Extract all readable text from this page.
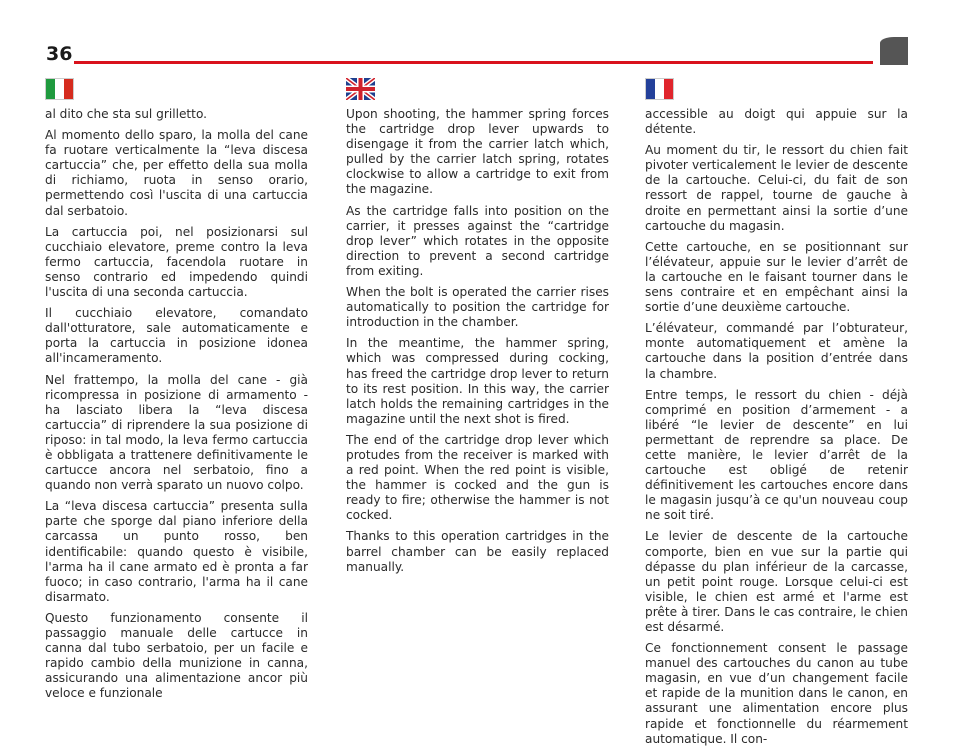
36

al dito che sta sul grilletto.

Al momento dello sparo, la molla del cane fa ruotare verticalmente la “leva discesa cartuccia” che, per effetto della sua molla di richiamo, ruota in senso orario, permettendo così l'uscita di una cartuccia dal serbatoio.

La cartuccia poi, nel posizionarsi sul cucchiaio elevatore, preme contro la leva fermo cartuccia, facendola ruotare in senso contrario ed impedendo quindi l'uscita di una seconda cartuccia.

Il cucchiaio elevatore, comandato dall'otturatore, sale automaticamente e porta la cartuccia in posizione idonea all'incameramento.

Nel frattempo, la molla del cane - già ricompressa in posizione di armamento - ha lasciato libera la “leva discesa cartuccia” di riprendere la sua posizione di riposo: in tal modo, la leva fermo cartuccia è obbligata a trattenere definitivamente le cartucce ancora nel serbatoio, fino a quando non verrà sparato un nuovo colpo.

La “leva discesa cartuccia” presenta sulla parte che sporge dal piano inferiore della carcassa un punto rosso, ben identificabile: quando questo è visibile, l'arma ha il cane armato ed è pronta a far fuoco; in caso contrario, l'arma ha il cane disarmato.

Questo funzionamento consente il passaggio manuale delle cartucce in canna dal tubo serbatoio, per un facile e rapido cambio della munizione in canna, assicurando una alimentazione ancor più veloce e funzionale

Upon shooting, the hammer spring forces the cartridge drop lever upwards to disengage it from the carrier latch which, pulled by the carrier latch spring, rotates clockwise to allow a cartridge to exit from the magazine.

As the cartridge falls into position on the carrier, it presses against the “cartridge drop lever” which rotates in the opposite direction to prevent a second cartridge from exiting.

When the bolt is operated the carrier rises automatically to position the cartridge for introduction in the chamber.

In the meantime, the hammer spring, which was compressed during cocking, has freed the cartridge drop lever to return to its rest position. In this way, the carrier latch holds the remaining cartridges in the magazine until the next shot is fired.

The end of the cartridge drop lever which protudes from the receiver is marked with a red point. When the red point is visible, the hammer is cocked and the gun is ready to fire; otherwise the hammer is not cocked.

Thanks to this operation cartridges in the barrel chamber can be easily replaced manually.

accessible au doigt qui appuie sur la détente.

Au moment du tir, le ressort du chien fait pivoter verticalement le levier de descente de la cartouche. Celui-ci, du fait de son ressort de rappel, tourne de gauche à droite en permettant ainsi la sortie d’une cartouche du magasin.

Cette cartouche, en se positionnant sur l’élévateur, appuie sur le levier d’arrêt de la cartouche en le faisant tourner dans le sens contraire et en empêchant ainsi la sortie d’une deuxième cartouche.

L’élévateur, commandé par l’obturateur, monte automatiquement et amène la cartouche dans la position d’entrée dans la chambre.

Entre temps, le ressort du chien - déjà comprimé en position d’armement - a libéré “le levier de descente” en lui permettant de reprendre sa place. De cette manière, le levier d’arrêt de la cartouche est obligé de retenir définitivement les cartouches encore dans le magasin jusqu’à ce qu'un nouveau coup ne soit tiré.

Le levier de descente de la cartouche comporte, bien en vue sur la partie qui dépasse du plan inférieur de la carcasse, un petit point rouge. Lorsque celui-ci est visible, le chien est armé et l'arme est prête à tirer. Dans le cas contraire, le chien est désarmé.

Ce fonctionnement consent le passage manuel des cartouches du canon au tube magasin, en vue d’un changement facile et rapide de la munition dans le canon, en assurant une alimentation encore plus rapide et fonctionnelle du réarmement automatique. Il con-
